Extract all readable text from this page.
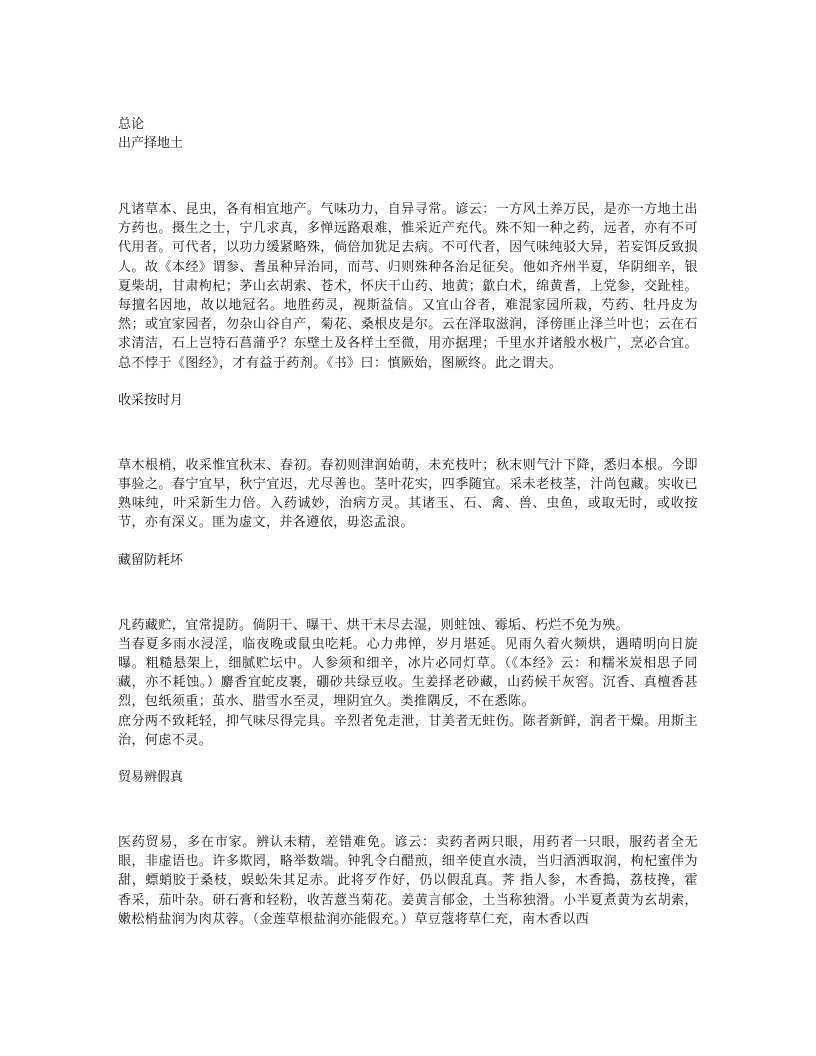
总论

出产择地土

凡诸草本、昆虫，各有相宜地产。气味功力，自异寻常。谚云：一方风土养万民，是亦一方地土出方药也。摄生之士，宁几求真，多惮远路艰难，惟采近产充代。殊不知一种之药，远者，亦有不可代用者。可代者，以功力缓紧略殊，倘倍加犹足去病。不可代者，因气味纯驳大异，若妄饵反致损人。故《本经》谓参、耆虽种异治同，而芎、归则殊种各治足征矣。他如齐州半夏，华阴细辛，银夏柴胡，甘肃枸杞；茅山玄胡索、苍术，怀庆干山药、地黄；歙白术，绵黄耆，上党参，交趾桂。每擅名因地，故以地冠名。地胜药灵，视斯益信。又宜山谷者，难混家园所栽，芍药、牡丹皮为然；或宜家园者，勿杂山谷自产，菊花、桑根皮是尔。云在泽取滋润，泽傍匪止泽兰叶也；云在石求清洁，石上岂特石菖蒲乎？东壁土及各样土至微，用亦据理；千里水并诸般水极广，烹必合宜。总不悖于《图经》，才有益于药剂。《书》曰：慎厥始，图厥终。此之谓夫。

收采按时月

草木根梢，收采惟宜秋末、春初。春初则津润始萌，未充枝叶；秋末则气汁下降，悉归本根。今即事验之。春宁宜早，秋宁宜迟，尤尽善也。茎叶花实，四季随宜。采未老枝茎，汁尚包藏。实收已熟味纯，叶采新生力倍。入药诚妙，治病方灵。其诸玉、石、禽、兽、虫鱼，或取无时，或收按节，亦有深义。匪为虚文，并各遵依，毋恣孟浪。

藏留防耗坏

凡药藏贮，宜常提防。倘阴干、曝干、烘干未尽去湿，则蛀蚀、霉垢、朽烂不免为殃。

当春夏多雨水浸淫，临夜晚或鼠虫吃耗。心力弗惮，岁月堪延。见雨久着火频烘，遇晴明向日旋曝。粗糙悬架上，细腻贮坛中。人参须和细辛，冰片必同灯草。（《本经》云：和糯米炭相思子同藏，亦不耗蚀。）麝香宜蛇皮裹，硼砂共绿豆收。生姜择老砂藏，山药候干灰窖。沉香、真檀香甚烈，包纸须重；茧水、腊雪水至灵，埋阴宜久。类推隅反，不在悉陈。

庶分两不致耗轻，抑气味尽得完具。辛烈者免走泄，甘美者无蛀伤。陈者新鲜，润者干燥。用斯主治，何虑不灵。

贸易辨假真

医药贸易，多在市家。辨认未精，差错难免。谚云：卖药者两只眼，用药者一只眼，服药者全无眼，非虚语也。许多欺罔，略举数端。钟乳令白醋煎，细辛使直水渍，当归酒洒取润，枸杞蜜伴为甜，螵蛸胶于桑枝，蜈蚣朱其足赤。此将歹作好，仍以假乱真。荠 指人参，木香搗，荔枝搀，霍香采，茄叶杂。研石膏和轻粉，收苦薏当菊花。姜黄言郁金，土当称独滑。小半夏煮黄为玄胡索，嫩松梢盐润为肉苁蓉。（金莲草根盐润亦能假充。）草豆蔻将草仁充，南木香以西
